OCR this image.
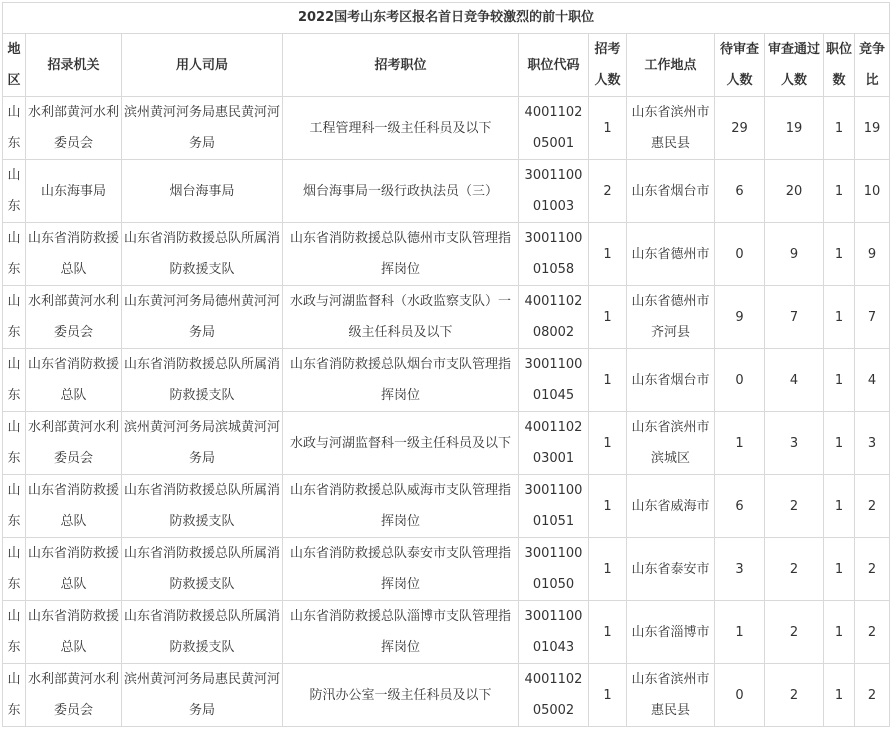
2022国考山东考区报名首日竞争较激烈的前十职位										
地区	招录机关	用人司局	招考职位	职位代码	招考人数	工作地点	待审查人数	审查通过人数	职位数	竞争比
山东	水利部黄河水利委员会	滨州黄河河务局惠民黄河河务局	工程管理科一级主任科员及以下	400110205001	1	山东省滨州市惠民县	29	19	1	19
山东	山东海事局	烟台海事局	烟台海事局一级行政执法员（三）	300110001003	2	山东省烟台市	6	20	1	10
山东	山东省消防救援总队	山东省消防救援总队所属消防救援支队	山东省消防救援总队德州市支队管理指挥岗位	300110001058	1	山东省德州市	0	9	1	9
山东	水利部黄河水利委员会	山东黄河河务局德州黄河河务局	水政与河湖监督科（水政监察支队）一级主任科员及以下	400110208002	1	山东省德州市齐河县	9	7	1	7
山东	山东省消防救援总队	山东省消防救援总队所属消防救援支队	山东省消防救援总队烟台市支队管理指挥岗位	300110001045	1	山东省烟台市	0	4	1	4
山东	水利部黄河水利委员会	滨州黄河河务局滨城黄河河务局	水政与河湖监督科一级主任科员及以下	400110203001	1	山东省滨州市滨城区	1	3	1	3
山东	山东省消防救援总队	山东省消防救援总队所属消防救援支队	山东省消防救援总队威海市支队管理指挥岗位	300110001051	1	山东省威海市	6	2	1	2
山东	山东省消防救援总队	山东省消防救援总队所属消防救援支队	山东省消防救援总队泰安市支队管理指挥岗位	300110001050	1	山东省泰安市	3	2	1	2
山东	山东省消防救援总队	山东省消防救援总队所属消防救援支队	山东省消防救援总队淄博市支队管理指挥岗位	300110001043	1	山东省淄博市	1	2	1	2
山东	水利部黄河水利委员会	滨州黄河河务局惠民黄河河务局	防汛办公室一级主任科员及以下	400110205002	1	山东省滨州市惠民县	0	2	1	2
